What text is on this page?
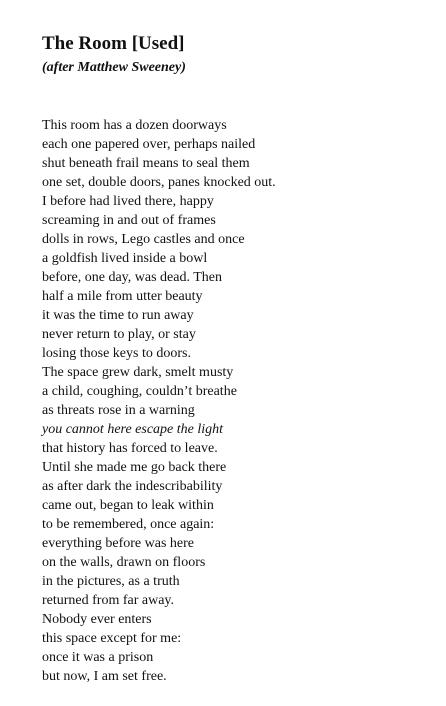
The Room [Used]
(after Matthew Sweeney)
This room has a dozen doorways
each one papered over, perhaps nailed
shut beneath frail means to seal them
one set, double doors, panes knocked out.
I before had lived there, happy
screaming in and out of frames
dolls in rows, Lego castles and once
a goldfish lived inside a bowl
before, one day, was dead. Then
half a mile from utter beauty
it was the time to run away
never return to play, or stay
losing those keys to doors.
The space grew dark, smelt musty
a child, coughing, couldn’t breathe
as threats rose in a warning
you cannot here escape the light
that history has forced to leave.
Until she made me go back there
as after dark the indescribability
came out, began to leak within
to be remembered, once again:
everything before was here
on the walls, drawn on floors
in the pictures, as a truth
returned from far away.
Nobody ever enters
this space except for me:
once it was a prison
but now, I am set free.
